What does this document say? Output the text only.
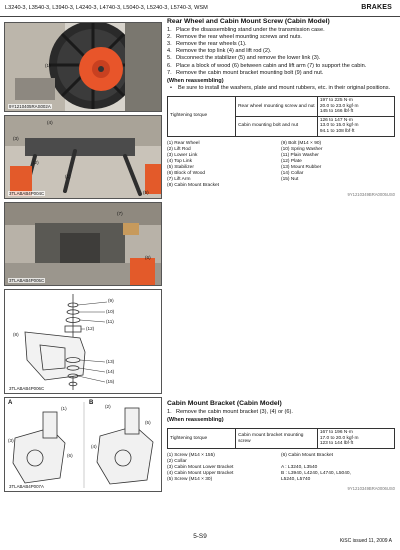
L3240-3, L3540-3, L3940-3, L4240-3, L4740-3, L5040-3, L5240-3, L5740-3, WSM	BRAKES
9Y1210405RAS002A
(1)
(4)
(3)
(2)
(1)
(5)
3TLABAB4P004C
(7)
(6)
3TLABAB4P005C
(9)
(10)
(11)
(12)
(8)
(13)
(14)
(15)
3TLABAB4P006C
A	B
(3)
(1)
(6)
(2)
(4)
(5)
3TLABAB4P007A
Rear Wheel and Cabin Mount Screw (Cabin Model)
1. Place the disassembling stand under the transmission case.
2. Remove the rear wheel mounting screws and nuts.
3. Remove the rear wheels (1).
4. Remove the top link (4) and lift rod (2).
5. Disconnect the stabilizer (5) and remove the lower link (3).
6. Place a block of wood (6) between cabin and lift arm (7) to support the cabin.
7. Remove the cabin mount bracket mounting bolt (9) and nut.
(When reassembling)
•	Be sure to install the washers, plate and mount rubbers, etc. in their original positions.
Tightening torque	Rear wheel mounting screw and nut	197 to 225 N·m
20.0 to 23.0 kgf·m
145 to 166 lbf·ft

	Cabin mounting bolt and nut	126 to 147 N·m
13.0 to 15.0 kgf·m
94.1 to 108 lbf·ft
(1) Rear Wheel	(9) Bolt (M14 × 90)
(2) Lift Rod	(10) Spring Washer
(3) Lower Link	(11) Plain Washer
(4) Top Link	(12) Plate
(5) Stabilizer	(13) Mount Rubber
(6) Block of Wood	(14) Collar
(7) Lift Arm	(15) Nut
(8) Cabin Mount Bracket
9Y1210349BRA0005US0
Cabin Mount Bracket (Cabin Model)
1. Remove the cabin mount bracket (3), (4) or (6).
(When reassembling)
Tightening torque	Cabin mount bracket mounting screw	
167 to 196 N·m
17.0 to 20.0 kgf·m
123 to 144 lbf·ft
(1) Screw (M14 × 155)	(6) Cabin Mount Bracket
(2) Collar
(3) Cabin Mount Lower Bracket	A : L3240, L3540
(4) Cabin Mount Upper Bracket	B : L3940, L4240, L4740, L5040,
(5) Screw (M14 × 30)	L5240, L5740
9Y1210349BRA0006US0
5-S9
KiSC issued 11, 2009 A
